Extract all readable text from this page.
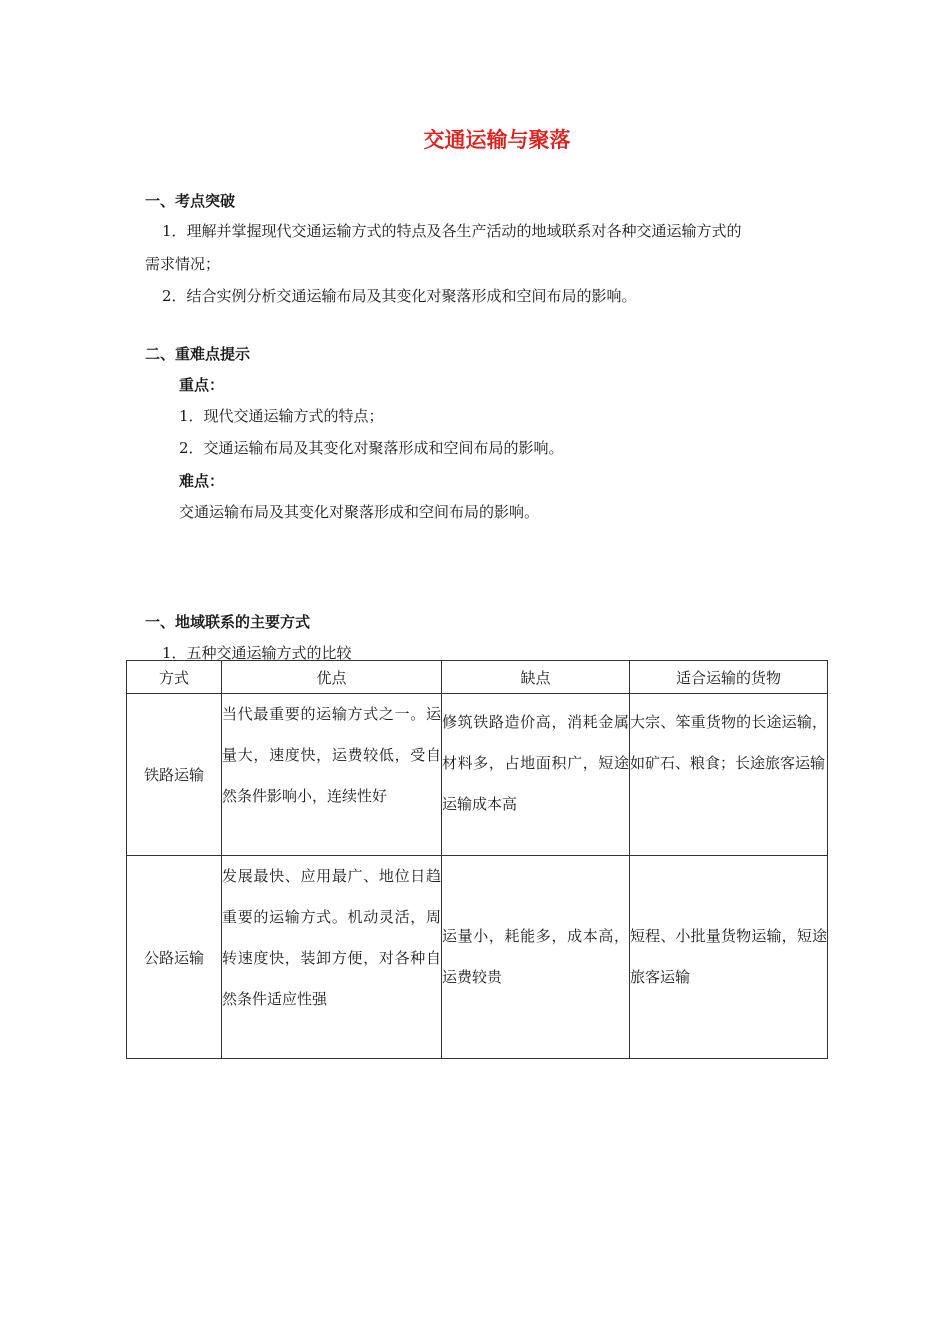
交通运输与聚落
一、考点突破
1．理解并掌握现代交通运输方式的特点及各生产活动的地域联系对各种交通运输方式的
需求情况；
2．结合实例分析交通运输布局及其变化对聚落形成和空间布局的影响。
二、重难点提示
重点：
1．现代交通运输方式的特点；
2．交通运输布局及其变化对聚落形成和空间布局的影响。
难点：
交通运输布局及其变化对聚落形成和空间布局的影响。
一、地域联系的主要方式
1．五种交通运输方式的比较
方式	优点	缺点	适合运输的货物
铁路运输	当代最重要的运输方式之一。运量大，速度快，运费较低，受自然条件影响小，连续性好	修筑铁路造价高，消耗金属材料多，占地面积广，短途运输成本高	大宗、笨重货物的长途运输，如矿石、粮食；长途旅客运输

公路运输	发展最快、应用最广、地位日趋重要的运输方式。机动灵活，周转速度快，装卸方便，对各种自然条件适应性强	运量小，耗能多，成本高，运费较贵	短程、小批量货物运输，短途旅客运输
